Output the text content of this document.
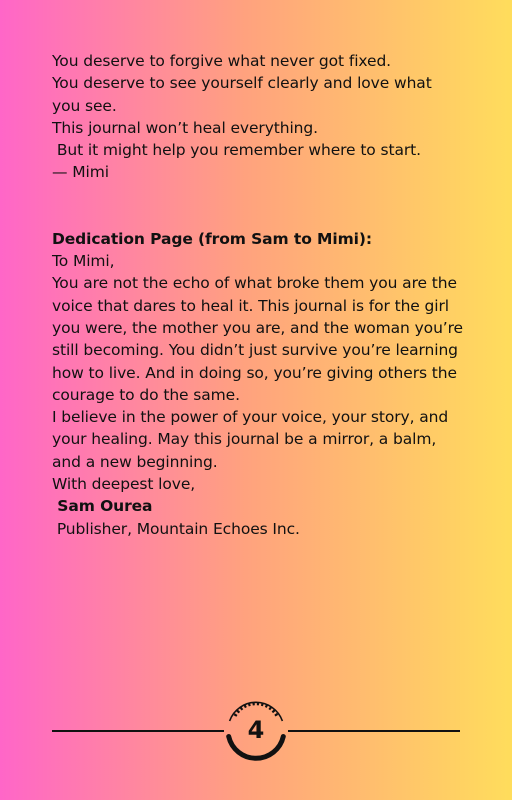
You deserve to forgive what never got fixed.
You deserve to see yourself clearly and love what
you see.
This journal won’t heal everything.
But it might help you remember where to start.
— Mimi
Dedication Page (from Sam to Mimi):
To Mimi,
You are not the echo of what broke them you are the
voice that dares to heal it. This journal is for the girl
you were, the mother you are, and the woman you’re
still becoming. You didn’t just survive you’re learning
how to live. And in doing so, you’re giving others the
courage to do the same.
I believe in the power of your voice, your story, and
your healing. May this journal be a mirror, a balm,
and a new beginning.
With deepest love,
Sam Ourea
Publisher, Mountain Echoes Inc.
4
